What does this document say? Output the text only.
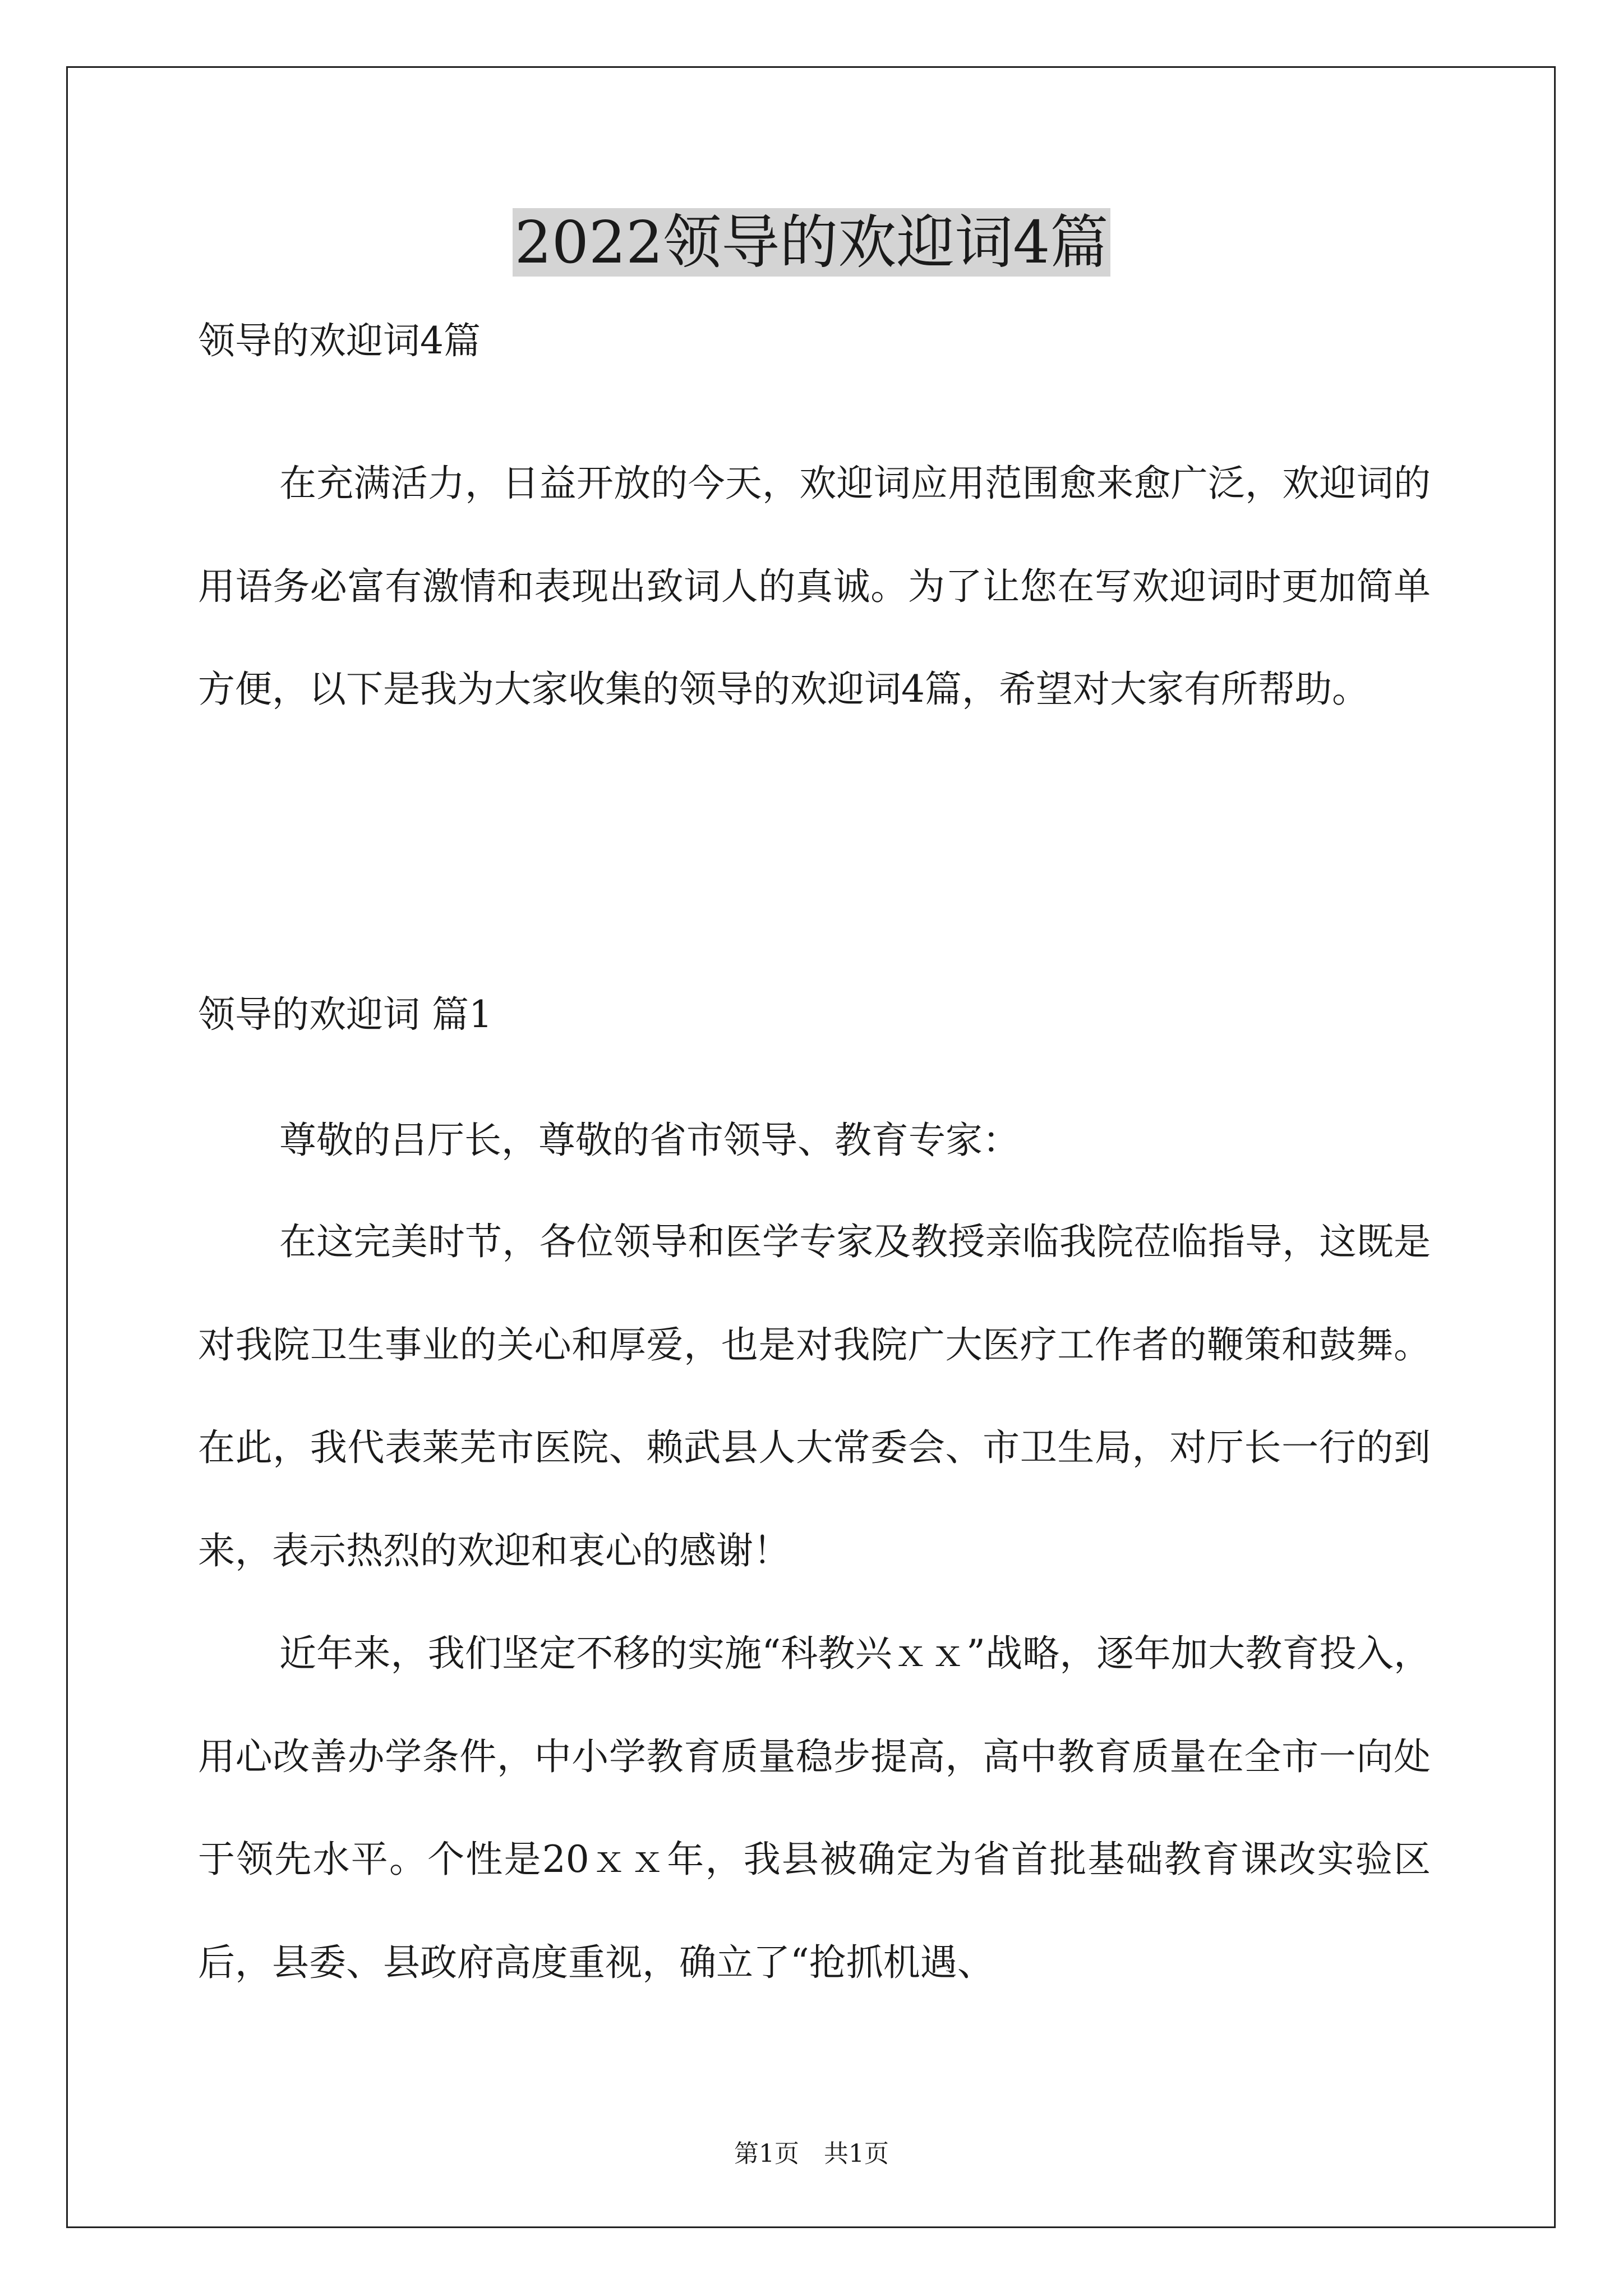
2022领导的欢迎词4篇
领导的欢迎词4篇

在充满活力，日益开放的今天，欢迎词应用范围愈来愈广泛，欢迎词的用语务必富有激情和表现出致词人的真诚。为了让您在写欢迎词时更加简单方便，以下是我为大家收集的领导的欢迎词4篇，希望对大家有所帮助。

领导的欢迎词 篇1

尊敬的吕厅长，尊敬的省市领导、教育专家：

在这完美时节，各位领导和医学专家及教授亲临我院莅临指导，这既是对我院卫生事业的关心和厚爱，也是对我院广大医疗工作者的鞭策和鼓舞。在此，我代表莱芜市医院、赖武县人大常委会、市卫生局，对厅长一行的到来，表示热烈的欢迎和衷心的感谢！

近年来，我们坚定不移的实施“科教兴ｘｘ”战略，逐年加大教育投入，用心改善办学条件，中小学教育质量稳步提高，高中教育质量在全市一向处于领先水平。个性是20ｘｘ年，我县被确定为省首批基础教育课改实验区后，县委、县政府高度重视，确立了“抢抓机遇、

第1页　共1页
